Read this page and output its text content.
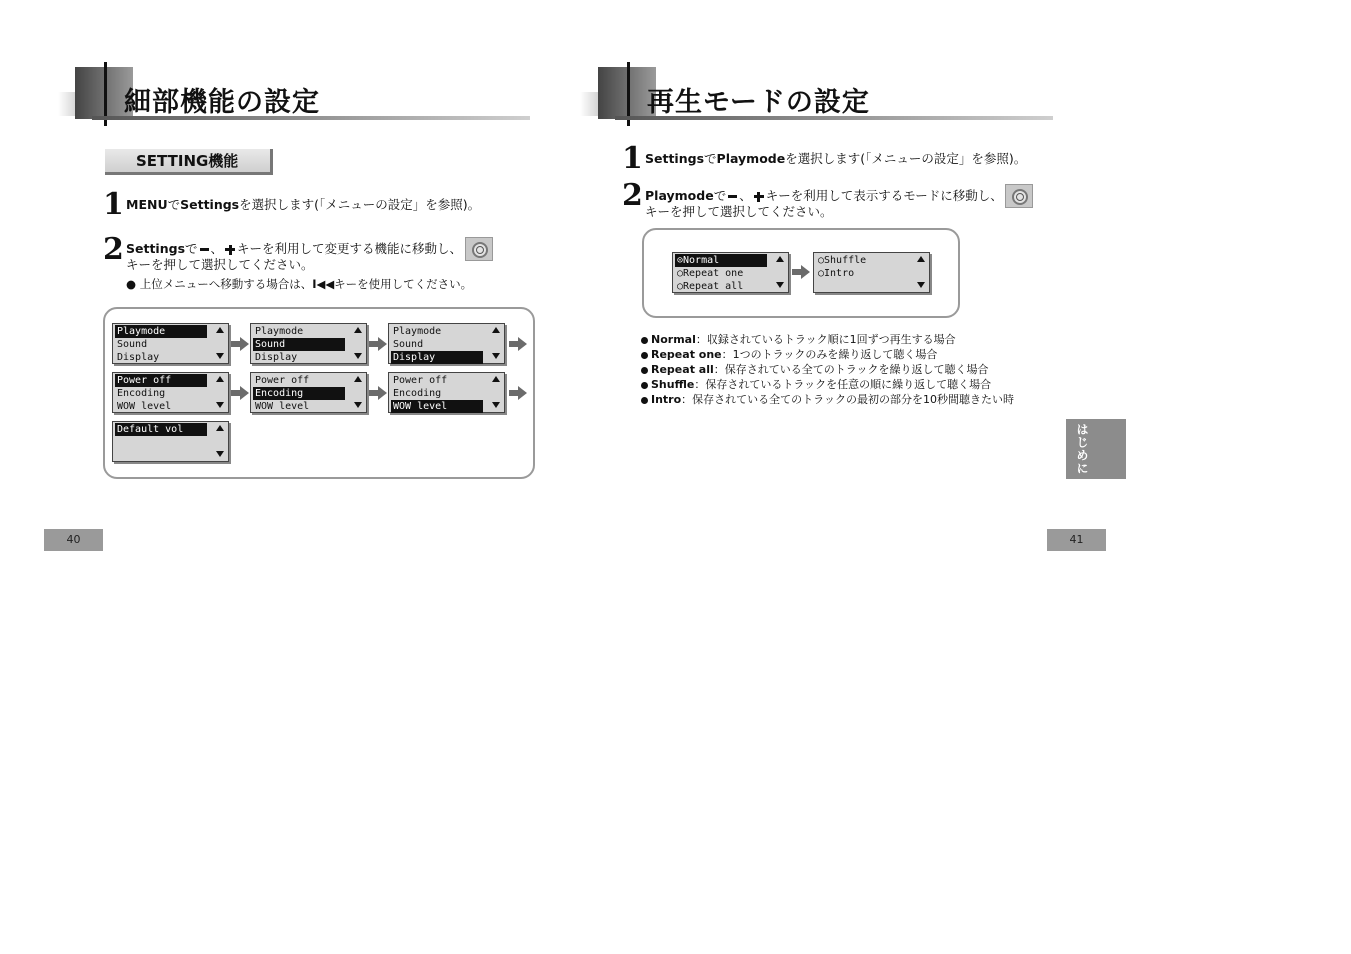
細部機能の設定
SETTING機能
1 MENUでSettingsを選択します(「メニューの設定」を参照)。
2 Settingsで 、 キーを利用して変更する機能に移動し、
キーを押して選択してください。
● 上位メニューへ移動する場合は、I◀◀キーを使用してください。
Playmode
Sound
Display
Playmode
Sound
Display
Playmode
Sound
Display
Power off
Encoding
WOW level
Power off
Encoding
WOW level
Power off
Encoding
WOW level
Default vol
40
再生モードの設定
1 SettingsでPlaymodeを選択します(「メニューの設定」を参照)。
2 Playmodeで 、 キーを利用して表示するモードに移動し、
キーを押して選択してください。
⊙Normal
○Repeat one
○Repeat all
○Shuffle
○Intro
Normal：収録されているトラック順に1回ずつ再生する場合
Repeat one：1つのトラックのみを繰り返して聴く場合
Repeat all：保存されている全てのトラックを繰り返して聴く場合
Shuffle：保存されているトラックを任意の順に繰り返して聴く場合
Intro：保存されている全てのトラックの最初の部分を10秒間聴きたい時
はじめに
41
